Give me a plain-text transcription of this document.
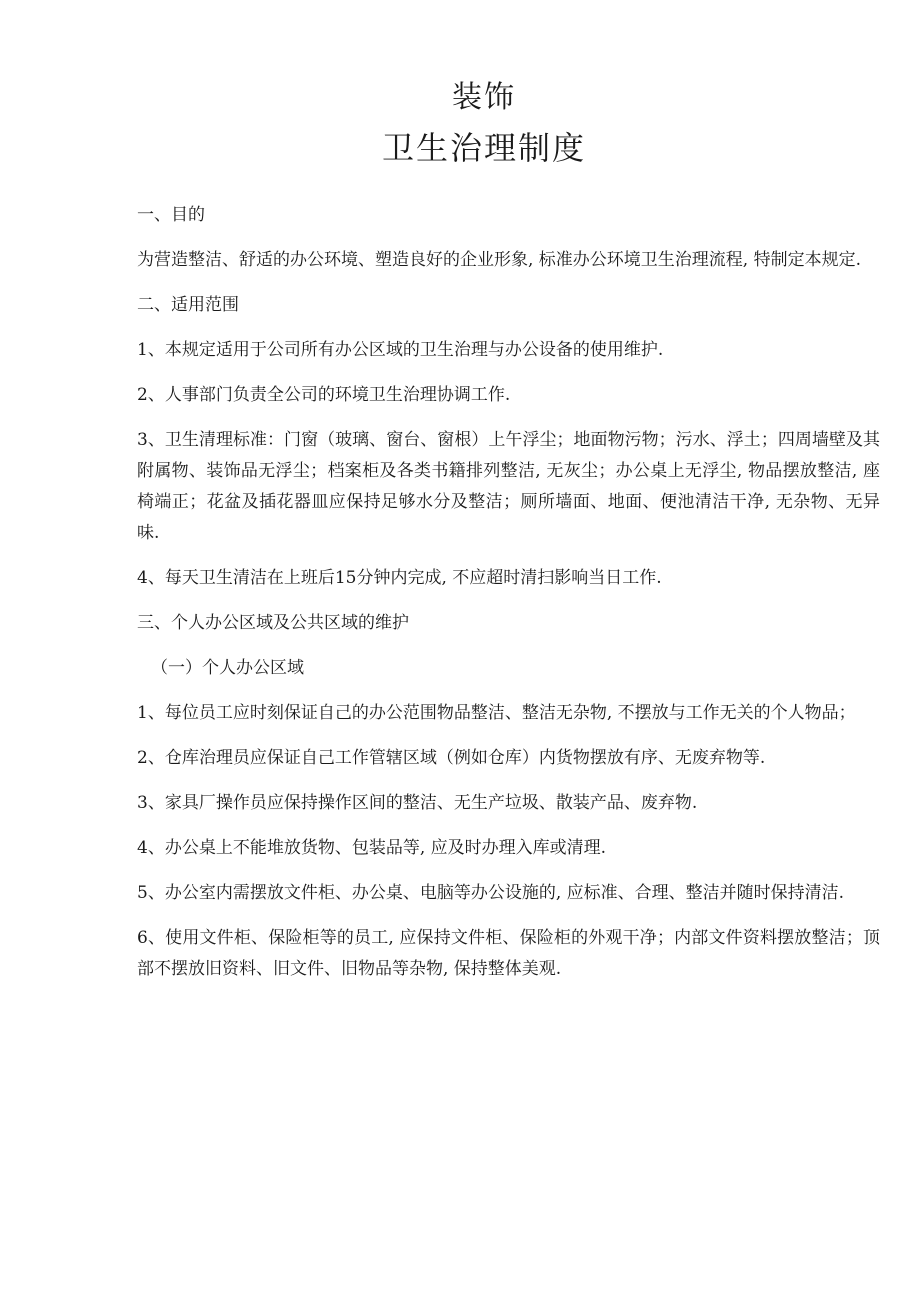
装饰
卫生治理制度

一、目的

为营造整洁、舒适的办公环境、塑造良好的企业形象, 标准办公环境卫生治理流程, 特制定本规定.

二、适用范围

1、本规定适用于公司所有办公区域的卫生治理与办公设备的使用维护.

2、人事部门负责全公司的环境卫生治理协调工作.

3、卫生清理标准：门窗（玻璃、窗台、窗根）上午浮尘；地面物污物；污水、浮土；四周墙壁及其附属物、装饰品无浮尘；档案柜及各类书籍排列整洁, 无灰尘；办公桌上无浮尘, 物品摆放整洁, 座椅端正；花盆及插花器皿应保持足够水分及整洁；厕所墙面、地面、便池清洁干净, 无杂物、无异味.

4、每天卫生清洁在上班后15分钟内完成, 不应超时清扫影响当日工作.

三、个人办公区域及公共区域的维护

（一）个人办公区域

1、每位员工应时刻保证自己的办公范围物品整洁、整洁无杂物, 不摆放与工作无关的个人物品；

2、仓库治理员应保证自己工作管辖区域（例如仓库）内货物摆放有序、无废弃物等.

3、家具厂操作员应保持操作区间的整洁、无生产垃圾、散装产品、废弃物.

4、办公桌上不能堆放货物、包装品等, 应及时办理入库或清理.

5、办公室内需摆放文件柜、办公桌、电脑等办公设施的, 应标准、合理、整洁并随时保持清洁.

6、使用文件柜、保险柜等的员工, 应保持文件柜、保险柜的外观干净；内部文件资料摆放整洁；顶部不摆放旧资料、旧文件、旧物品等杂物, 保持整体美观.
